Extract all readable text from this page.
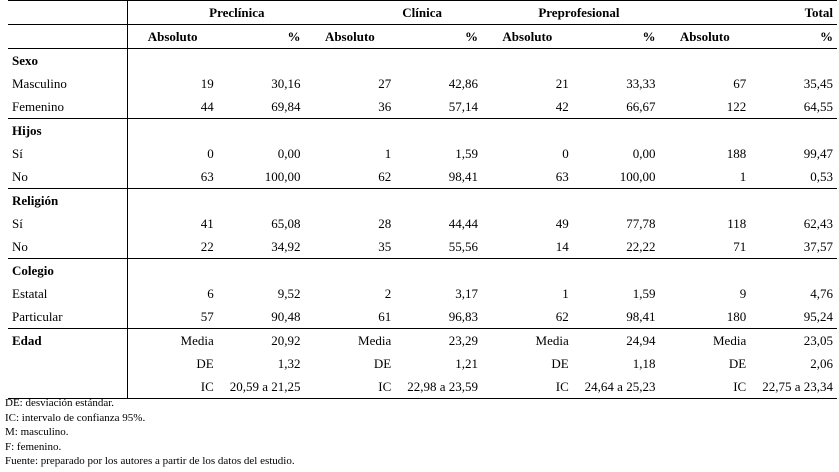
	Preclínica		Clínica		Preprofesional		Total	
	Absoluto	%	Absoluto	%	Absoluto	%	Absoluto	%
Sexo								
Masculino	19	30,16	27	42,86	21	33,33	67	35,45
Femenino	44	69,84	36	57,14	42	66,67	122	64,55
Hijos								
Sí	0	0,00	1	1,59	0	0,00	188	99,47
No	63	100,00	62	98,41	63	100,00	1	0,53
Religión								
Sí	41	65,08	28	44,44	49	77,78	118	62,43
No	22	34,92	35	55,56	14	22,22	71	37,57
Colegio								
Estatal	6	9,52	2	3,17	1	1,59	9	4,76
Particular	57	90,48	61	96,83	62	98,41	180	95,24
Edad	Media	20,92	Media	23,29	Media	24,94	Media	23,05
	DE	1,32	DE	1,21	DE	1,18	DE	2,06
	IC	20,59 a 21,25	IC	22,98 a 23,59	IC	24,64 a 25,23	IC	22,75 a 23,34
DE: desviación estándar.
IC: intervalo de confianza 95%.
M: masculino.
F: femenino.
Fuente: preparado por los autores a partir de los datos del estudio.
